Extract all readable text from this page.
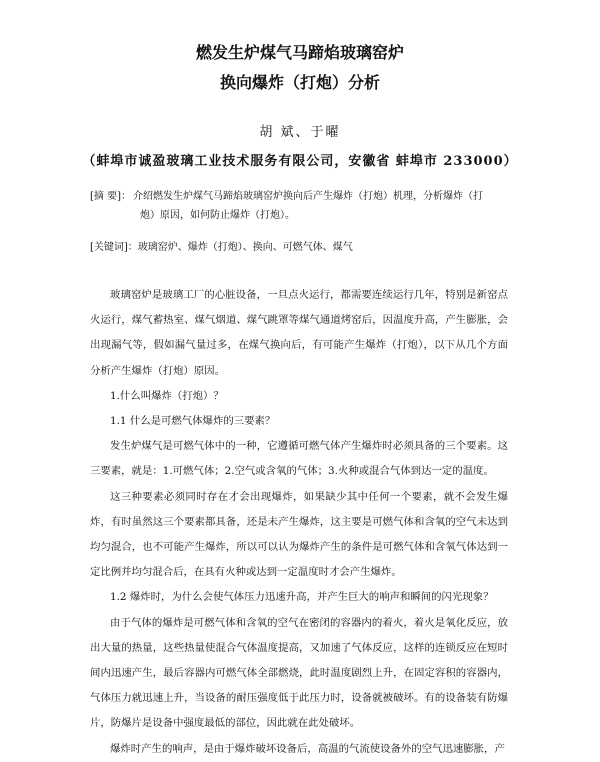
燃发生炉煤气马蹄焰玻璃窑炉
换向爆炸（打炮）分析
胡 斌、于曜
（蚌埠市诚盈玻璃工业技术服务有限公司，安徽省 蚌埠市 233000）
[摘 要]： 介绍燃发生炉煤气马蹄焰玻璃窑炉换向后产生爆炸（打炮）机理，分析爆炸（打
炮）原因，如何防止爆炸（打炮）。
[关键词]：玻璃窑炉、爆炸（打炮）、换向、可燃气体、煤气

玻璃窑炉是玻璃工厂的心脏设备，一旦点火运行，都需要连续运行几年，特别是新窑点火运行，煤气蓄热室、煤气烟道、煤气跳罩等煤气通道烤窑后，因温度升高，产生膨胀，会出现漏气等，假如漏气量过多，在煤气换向后，有可能产生爆炸（打炮），以下从几个方面分析产生爆炸（打炮）原因。

1.什么叫爆炸（打炮）？

1.1 什么是可燃气体爆炸的三要素？

发生炉煤气是可燃气体中的一种，它遵循可燃气体产生爆炸时必须具备的三个要素。这三要素，就是：1.可燃气体；2.空气或含氧的气体；3.火种或混合气体到达一定的温度。

这三种要素必须同时存在才会出现爆炸，如果缺少其中任何一个要素，就不会发生爆炸，有时虽然这三个要素都具备，还是未产生爆炸，这主要是可燃气体和含氧的空气未达到均匀混合，也不可能产生爆炸，所以可以认为爆炸产生的条件是可燃气体和含氧气体达到一定比例并均匀混合后，在具有火种或达到一定温度时才会产生爆炸。

1.2 爆炸时，为什么会使气体压力迅速升高，并产生巨大的响声和瞬间的闪光现象？

由于气体的爆炸是可燃气体和含氧的空气在密闭的容器内的着火，着火是氧化反应，放出大量的热量，这些热量使混合气体温度提高，又加速了气体反应，这样的连锁反应在短时间内迅速产生，最后容器内可燃气体全部燃烧，此时温度剧烈上升，在固定容积的容器内，气体压力就迅速上升，当设备的耐压强度低于此压力时，设备就被破坏。有的设备装有防爆片，防爆片是设备中强度最低的部位，因此就在此处破坏。

爆炸时产生的响声，是由于爆炸破坏设备后，高温的气流使设备外的空气迅速膨胀，产
